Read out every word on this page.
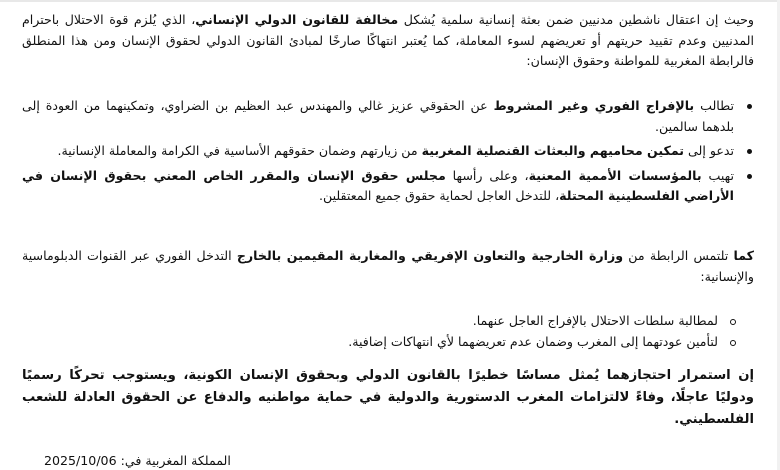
وحيث إن اعتقال ناشطين مدنيين ضمن بعثة إنسانية سلمية يُشكل مخالفة للقانون الدولي الإنساني، الذي يُلزم قوة الاحتلال باحترام المدنيين وعدم تقييد حريتهم أو تعريضهم لسوء المعاملة، كما يُعتبر انتهاكًا صارخًا لمبادئ القانون الدولي لحقوق الإنسان ومن هذا المنطلق فالرابطة المغربية للمواطنة وحقوق الإنسان:

تطالب بالإفراج الفوري وغير المشروط عن الحقوقي عزيز غالي والمهندس عبد العظيم بن الضراوي، وتمكينهما من العودة إلى بلدهما سالمين.
تدعو إلى تمكين محاميهم والبعثات القنصلية المغربية من زيارتهم وضمان حقوقهم الأساسية في الكرامة والمعاملة الإنسانية.
تهيب بالمؤسسات الأممية المعنية، وعلى رأسها مجلس حقوق الإنسان والمقرر الخاص المعني بحقوق الإنسان في الأراضي الفلسطينية المحتلة، للتدخل العاجل لحماية حقوق جميع المعتقلين.

كما تلتمس الرابطة من وزارة الخارجية والتعاون الإفريقي والمغاربة المقيمين بالخارج التدخل الفوري عبر القنوات الدبلوماسية والإنسانية:

لمطالبة سلطات الاحتلال بالإفراج العاجل عنهما.
لتأمين عودتهما إلى المغرب وضمان عدم تعريضهما لأي انتهاكات إضافية.

إن استمرار احتجازهما يُمثل مساسًا خطيرًا بالقانون الدولي وبحقوق الإنسان الكونية، ويستوجب تحركًا رسميًا ودوليًا عاجلًا، وفاءً لالتزامات المغرب الدستورية والدولية في حماية مواطنيه والدفاع عن الحقوق العادلة للشعب الفلسطيني.

المملكة المغربية في: 2025/10/06
